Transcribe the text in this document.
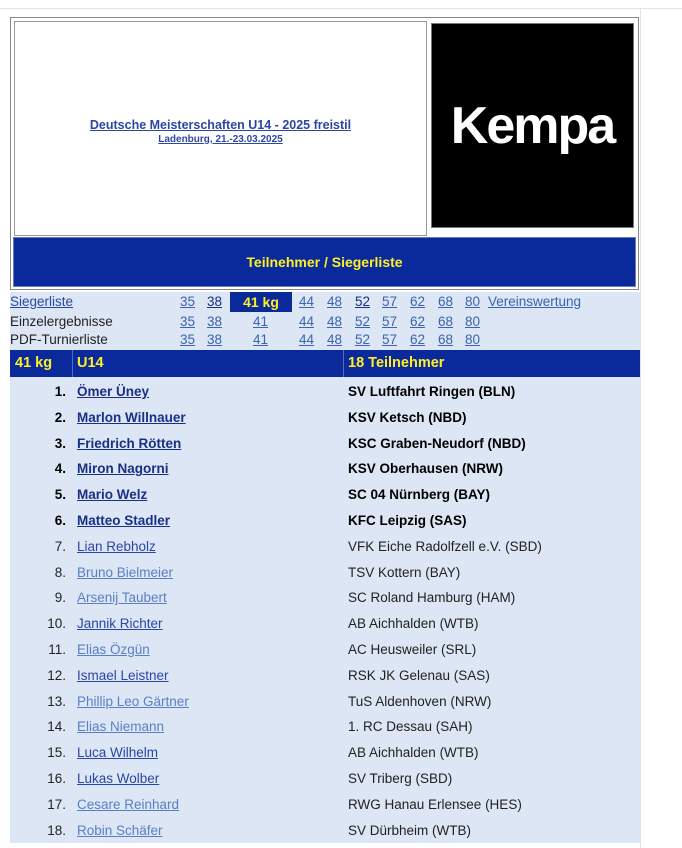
Deutsche Meisterschaften U14 - 2025 freistil
Ladenburg, 21.-23.03.2025	Kempa
Teilnehmer / Siegerliste
Siegerliste	35 38	41 kg	44 48 52 57 62 68 80 Vereinswertung
Einzelergebnisse	35 38 41 44 48 52 57 62 68 80
PDF-Turnierliste	35 38 41 44 48 52 57 62 68 80
41 kg U14	18 Teilnehmer
1. Ömer Üney	SV Luftfahrt Ringen (BLN)
2. Marlon Willnauer	KSV Ketsch (NBD)
3. Friedrich Rötten	KSC Graben-Neudorf (NBD)
4. Miron Nagorni	KSV Oberhausen (NRW)
5. Mario Welz	SC 04 Nürnberg (BAY)
6. Matteo Stadler	KFC Leipzig (SAS)
7. Lian Rebholz	VFK Eiche Radolfzell e.V. (SBD)
8. Bruno Bielmeier	TSV Kottern (BAY)
9. Arsenij Taubert	SC Roland Hamburg (HAM)
10. Jannik Richter	AB Aichhalden (WTB)
11. Elias Özgün	AC Heusweiler (SRL)
12. Ismael Leistner	RSK JK Gelenau (SAS)
13. Phillip Leo Gärtner	TuS Aldenhoven (NRW)
14. Elias Niemann	1. RC Dessau (SAH)
15. Luca Wilhelm	AB Aichhalden (WTB)
16. Lukas Wolber	SV Triberg (SBD)
17. Cesare Reinhard	RWG Hanau Erlensee (HES)
18. Robin Schäfer	SV Dürbheim (WTB)
